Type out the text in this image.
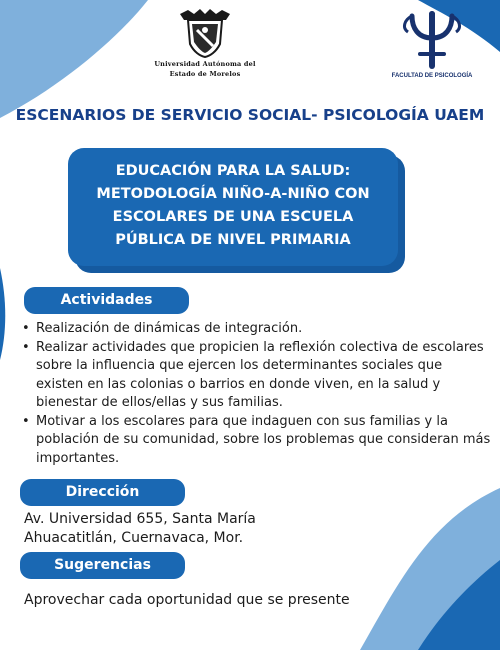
Universidad Autónoma del
Estado de Morelos	FACULTAD DE PSICOLOGÍA
ESCENARIOS DE SERVICIO SOCIAL- PSICOLOGÍA UAEM
EDUCACIÓN PARA LA SALUD:
METODOLOGÍA NIÑO-A-NIÑO CON
ESCOLARES DE UNA ESCUELA
PÚBLICA DE NIVEL PRIMARIA
Actividades
• Realización de dinámicas de integración.
• Realizar actividades que propicien la reflexión colectiva de escolares sobre la influencia que ejercen los determinantes sociales que existen en las colonias o barrios en donde viven, en la salud y bienestar de ellos/ellas y sus familias.
• Motivar a los escolares para que indaguen con sus familias y la población de su comunidad, sobre los problemas que consideran más importantes.
Dirección
Av. Universidad 655, Santa María
Ahuacatitlán, Cuernavaca, Mor.
Sugerencias
Aprovechar cada oportunidad que se presente
